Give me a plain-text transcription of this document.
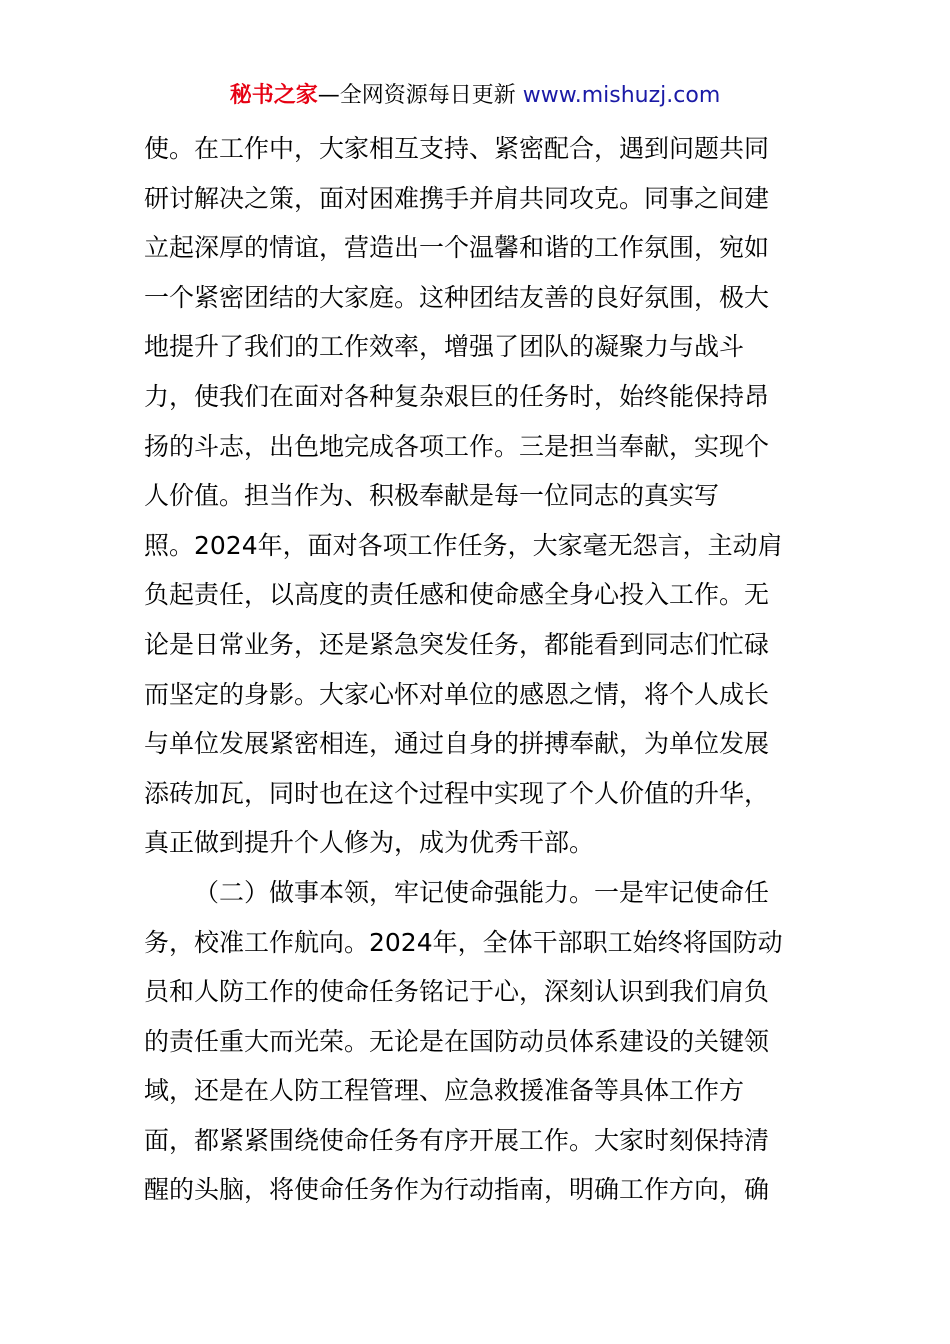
秘书之家—全网资源每日更新 www.mishuzj.com
使。在工作中，大家相互支持、紧密配合，遇到问题共同
研讨解决之策，面对困难携手并肩共同攻克。同事之间建
立起深厚的情谊，营造出一个温馨和谐的工作氛围，宛如
一个紧密团结的大家庭。这种团结友善的良好氛围，极大
地提升了我们的工作效率，增强了团队的凝聚力与战斗
力，使我们在面对各种复杂艰巨的任务时，始终能保持昂
扬的斗志，出色地完成各项工作。三是担当奉献，实现个
人价值。担当作为、积极奉献是每一位同志的真实写
照。2024年，面对各项工作任务，大家毫无怨言，主动肩
负起责任，以高度的责任感和使命感全身心投入工作。无
论是日常业务，还是紧急突发任务，都能看到同志们忙碌
而坚定的身影。大家心怀对单位的感恩之情，将个人成长
与单位发展紧密相连，通过自身的拼搏奉献，为单位发展
添砖加瓦，同时也在这个过程中实现了个人价值的升华，
真正做到提升个人修为，成为优秀干部。
（二）做事本领，牢记使命强能力。一是牢记使命任
务，校准工作航向。2024年，全体干部职工始终将国防动
员和人防工作的使命任务铭记于心，深刻认识到我们肩负
的责任重大而光荣。无论是在国防动员体系建设的关键领
域，还是在人防工程管理、应急救援准备等具体工作方
面，都紧紧围绕使命任务有序开展工作。大家时刻保持清
醒的头脑，将使命任务作为行动指南，明确工作方向，确
